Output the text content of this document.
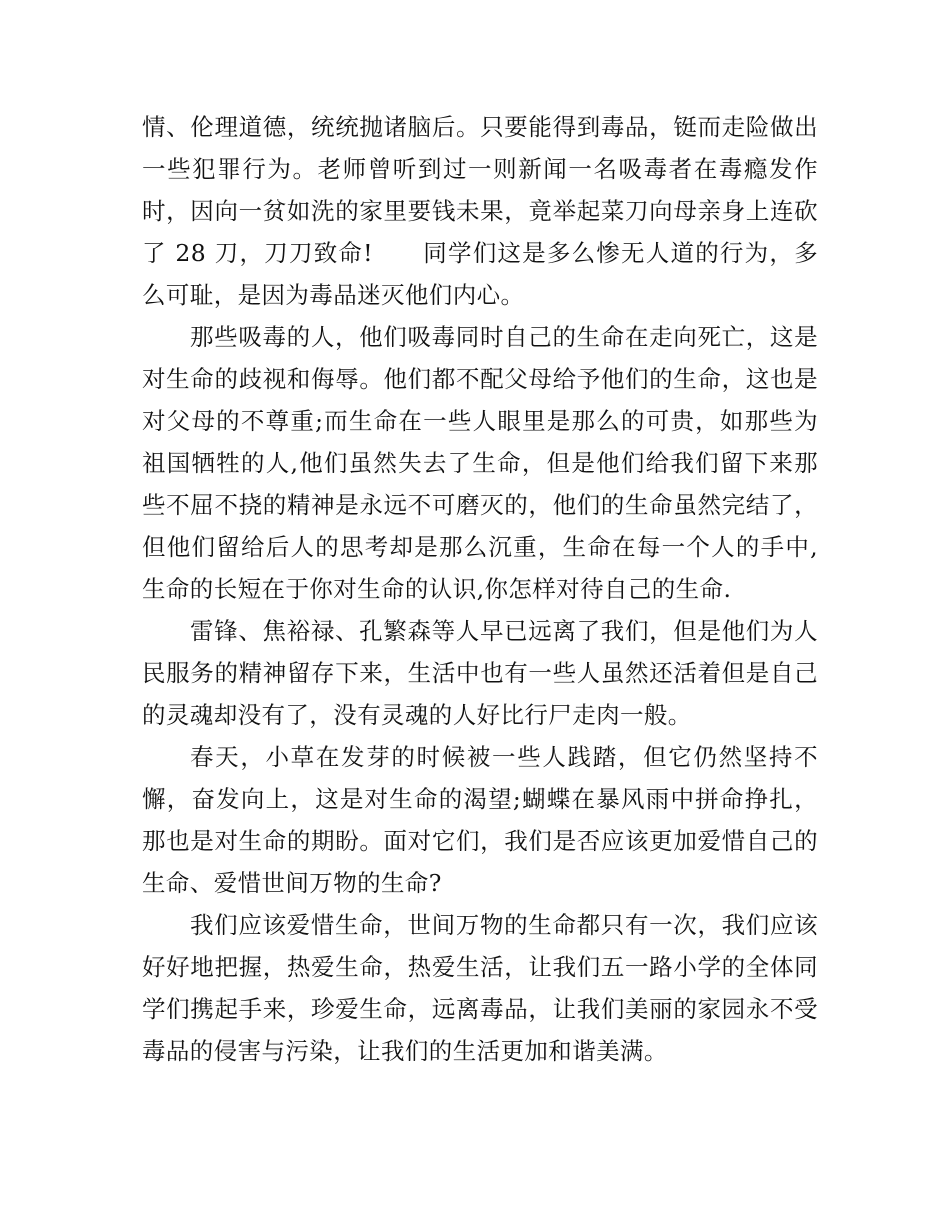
情、伦理道德，统统抛诸脑后。只要能得到毒品，铤而走险做出一些犯罪行为。老师曾听到过一则新闻一名吸毒者在毒瘾发作时，因向一贫如洗的家里要钱未果，竟举起菜刀向母亲身上连砍了 28 刀，刀刀致命!　　同学们这是多么惨无人道的行为，多么可耻，是因为毒品迷灭他们内心。

那些吸毒的人，他们吸毒同时自己的生命在走向死亡，这是对生命的歧视和侮辱。他们都不配父母给予他们的生命，这也是对父母的不尊重;而生命在一些人眼里是那么的可贵，如那些为祖国牺牲的人,他们虽然失去了生命，但是他们给我们留下来那些不屈不挠的精神是永远不可磨灭的，他们的生命虽然完结了，但他们留给后人的思考却是那么沉重，生命在每一个人的手中,生命的长短在于你对生命的认识,你怎样对待自己的生命.

雷锋、焦裕禄、孔繁森等人早已远离了我们，但是他们为人民服务的精神留存下来，生活中也有一些人虽然还活着但是自己的灵魂却没有了，没有灵魂的人好比行尸走肉一般。

春天，小草在发芽的时候被一些人践踏，但它仍然坚持不懈，奋发向上，这是对生命的渴望;蝴蝶在暴风雨中拼命挣扎，那也是对生命的期盼。面对它们，我们是否应该更加爱惜自己的生命、爱惜世间万物的生命?

我们应该爱惜生命，世间万物的生命都只有一次，我们应该好好地把握，热爱生命，热爱生活，让我们五一路小学的全体同学们携起手来，珍爱生命，远离毒品，让我们美丽的家园永不受毒品的侵害与污染，让我们的生活更加和谐美满。
